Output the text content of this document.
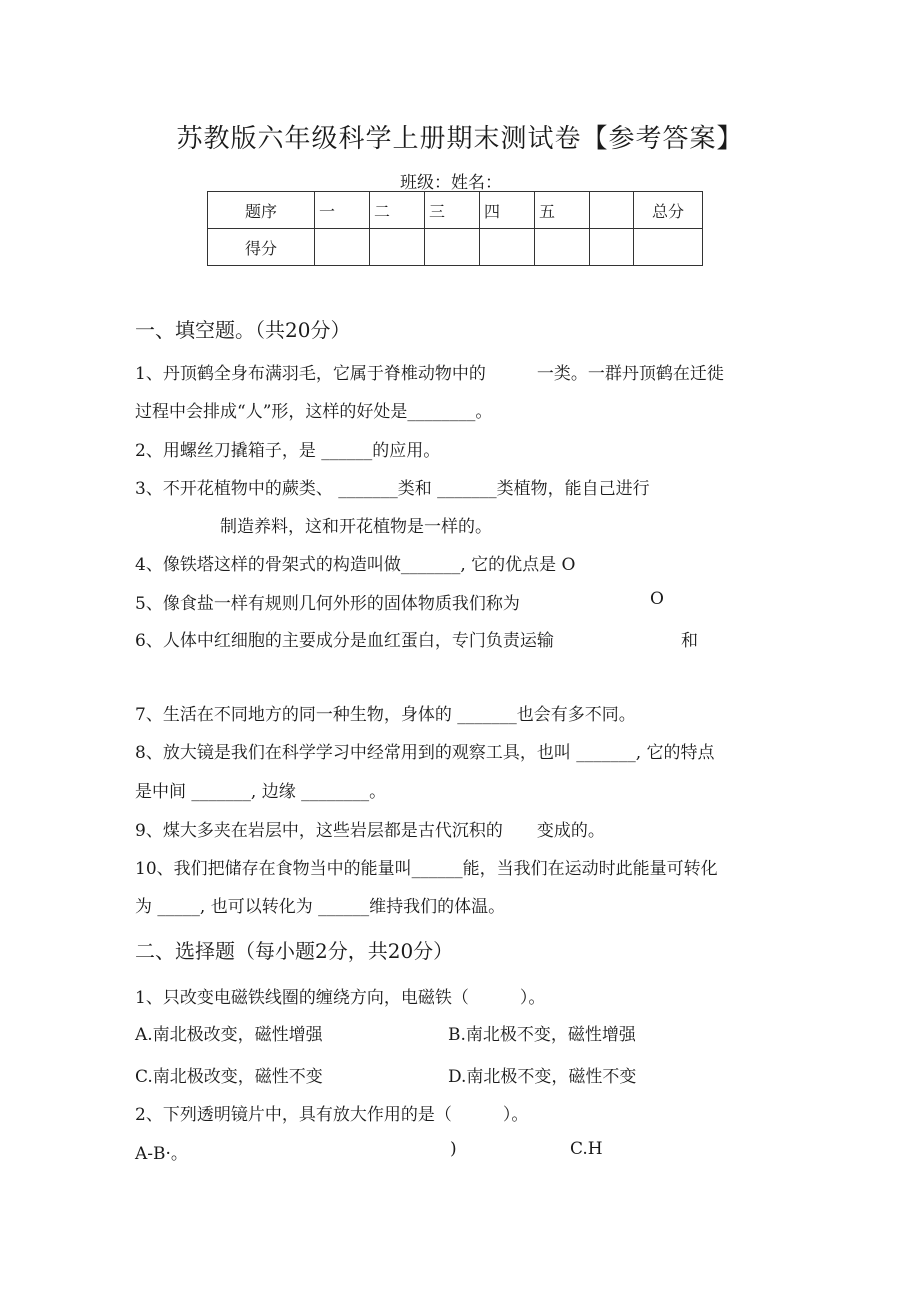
苏教版六年级科学上册期末测试卷【参考答案】
班级：姓名：
题序	一	二	三	四	五		总分
得分							
一、填空题。（共20分）
1、丹顶鹤全身布满羽毛，它属于脊椎动物中的　　　一类。一群丹顶鹤在迁徙
过程中会排成“人”形，这样的好处是________。
2、用螺丝刀撬箱子，是 ______的应用。
3、不开花植物中的蕨类、 _______类和 _______类植物，能自己进行
制造养料，这和开花植物是一样的。
4、像铁塔这样的骨架式的构造叫做_______, 它的优点是 O
5、像食盐一样有规则几何外形的固体物质我们称为	O
6、人体中红细胞的主要成分是血红蛋白，专门负责运输	和
7、生活在不同地方的同一种生物，身体的 _______也会有多不同。
8、放大镜是我们在科学学习中经常用到的观察工具，也叫 _______, 它的特点
是中间 _______, 边缘 ________。
9、煤大多夹在岩层中，这些岩层都是古代沉积的　　变成的。
10、我们把储存在食物当中的能量叫______能，当我们在运动时此能量可转化
为 _____, 也可以转化为 ______维持我们的体温。
二、选择题（每小题2分，共20分）
1、只改变电磁铁线圈的缠绕方向，电磁铁（　　　）。
A.南北极改变，磁性增强	B.南北极不变，磁性增强
C.南北极改变，磁性不变	D.南北极不变，磁性不变
2、下列透明镜片中，具有放大作用的是（　　　）。
A-B·。	)	C.H
